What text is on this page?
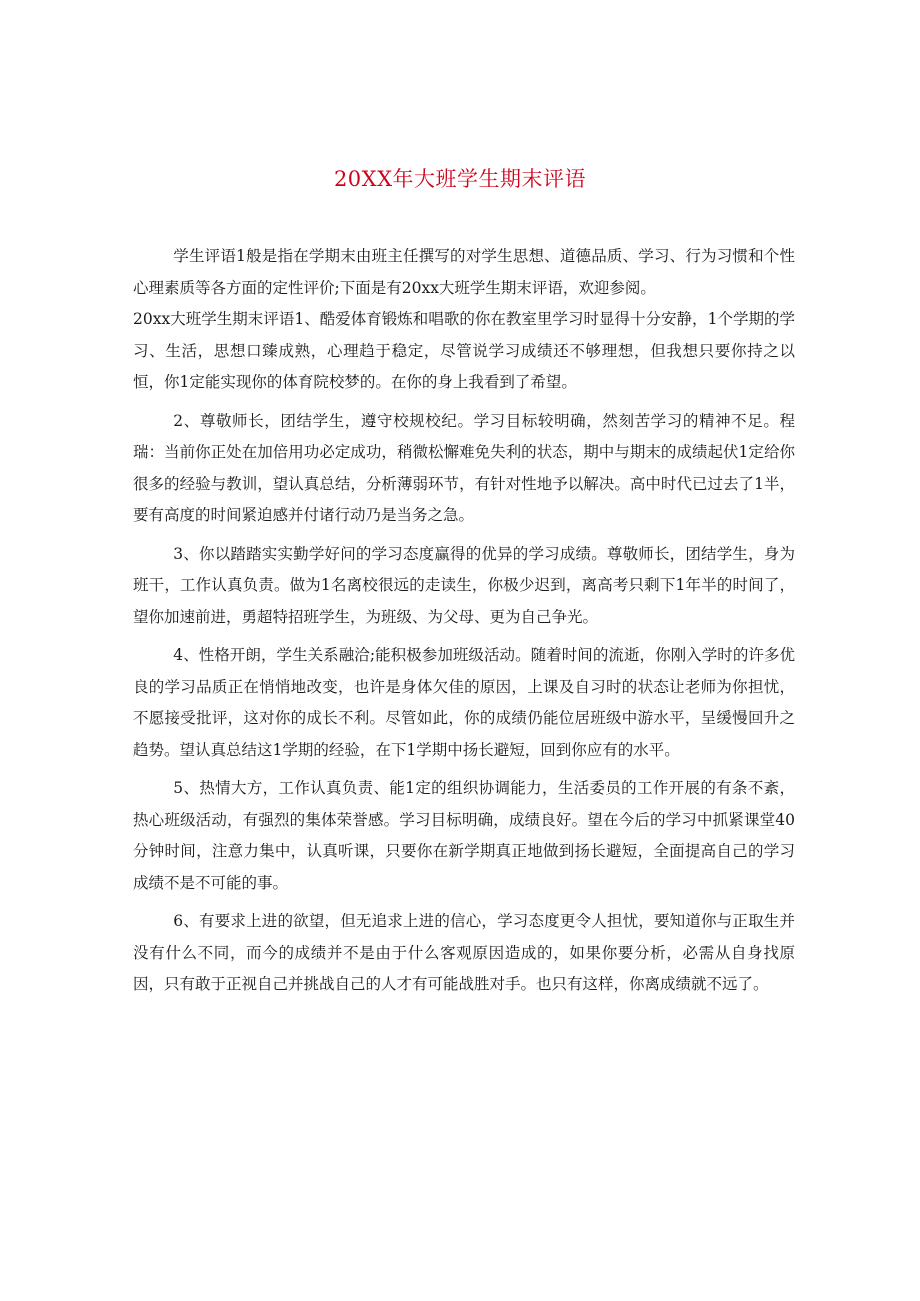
20XX年大班学生期末评语

学生评语1般是指在学期末由班主任撰写的对学生思想、道德品质、学习、行为习惯和个性心理素质等各方面的定性评价;下面是有20xx大班学生期末评语，欢迎参阅。

20xx大班学生期末评语1、酷爱体育锻炼和唱歌的你在教室里学习时显得十分安静，1个学期的学习、生活，思想口臻成熟，心理趋于稳定，尽管说学习成绩还不够理想，但我想只要你持之以恒，你1定能实现你的体育院校梦的。在你的身上我看到了希望。

2、尊敬师长，团结学生，遵守校规校纪。学习目标较明确，然刻苦学习的精神不足。程瑞：当前你正处在加倍用功必定成功，稍微松懈难免失利的状态，期中与期末的成绩起伏1定给你很多的经验与教训，望认真总结，分析薄弱环节，有针对性地予以解决。高中时代已过去了1半，要有高度的时间紧迫感并付诸行动乃是当务之急。

3、你以踏踏实实勤学好问的学习态度赢得的优异的学习成绩。尊敬师长，团结学生，身为班干，工作认真负责。做为1名离校很远的走读生，你极少迟到，离高考只剩下1年半的时间了，望你加速前进，勇超特招班学生，为班级、为父母、更为自己争光。

4、性格开朗，学生关系融洽;能积极参加班级活动。随着时间的流逝，你刚入学时的许多优良的学习品质正在悄悄地改变，也许是身体欠佳的原因，上课及自习时的状态让老师为你担忧，不愿接受批评，这对你的成长不利。尽管如此，你的成绩仍能位居班级中游水平，呈缓慢回升之趋势。望认真总结这1学期的经验，在下1学期中扬长避短，回到你应有的水平。

5、热情大方，工作认真负责、能1定的组织协调能力，生活委员的工作开展的有条不紊，热心班级活动，有强烈的集体荣誉感。学习目标明确，成绩良好。望在今后的学习中抓紧课堂40分钟时间，注意力集中，认真听课，只要你在新学期真正地做到扬长避短，全面提高自己的学习成绩不是不可能的事。

6、有要求上进的欲望，但无追求上进的信心，学习态度更令人担忧，要知道你与正取生并没有什么不同，而今的成绩并不是由于什么客观原因造成的，如果你要分析，必需从自身找原因，只有敢于正视自己并挑战自己的人才有可能战胜对手。也只有这样，你离成绩就不远了。
